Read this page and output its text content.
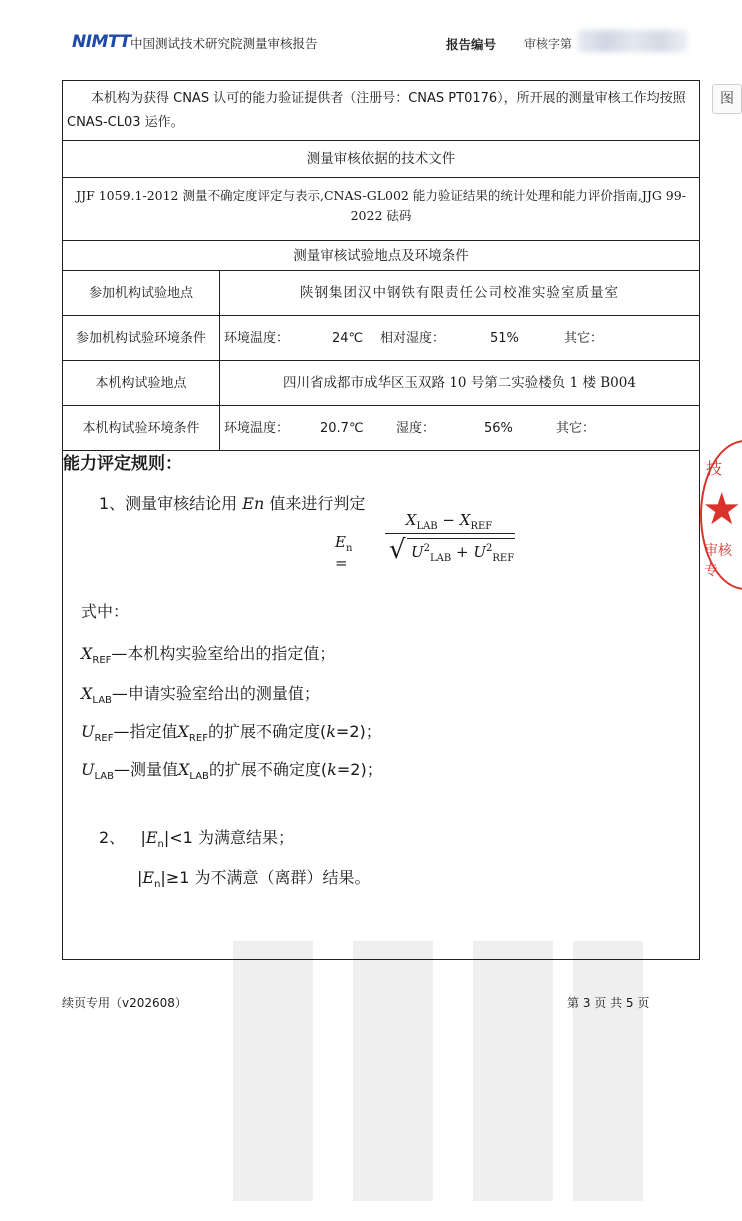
NIMTT 中国测试技术研究院测量审核报告	报告编号 审核字第
图
本机构为获得 CNAS 认可的能力验证提供者（注册号：CNAS PT0176），所开展的测量审核工作均按照 CNAS-CL03 运作。
测量审核依据的技术文件
JJF 1059.1-2012 测量不确定度评定与表示,CNAS-GL002 能力验证结果的统计处理和能力评价指南,JJG 99-2022 砝码
测量审核试验地点及环境条件
参加机构试验地点	陕钢集团汉中钢铁有限责任公司校准实验室质量室
参加机构试验环境条件	环境温度：	24℃ 相对湿度：	51%	其它：
本机构试验地点	四川省成都市成华区玉双路 10 号第二实验楼负 1 楼 B004
本机构试验环境条件	环境温度： 20.7℃ 湿度：	56%	其它：
能力评定规则：
1、测量审核结论用 En 值来进行判定
$E_n$ =
$X_{LAB} - X_{REF}$
√ $U^2_{LAB} + U^2_{REF}$
式中：
$X_{REF}—$本机构实验室给出的指定值；
$X_{LAB}—$申请实验室给出的测量值；
$U_{REF}—$指定值$X_{REF}$的扩展不确定度(k=2)；
$U_{LAB}—$测量值$X_{LAB}$的扩展不确定度(k=2)；
2、   $|E_n|<1$ 为满意结果；
$|E_n|\ge 1$ 为不满意（离群）结果。
技
★
审核专
续页专用（v202608）	第 3 页 共 5 页
